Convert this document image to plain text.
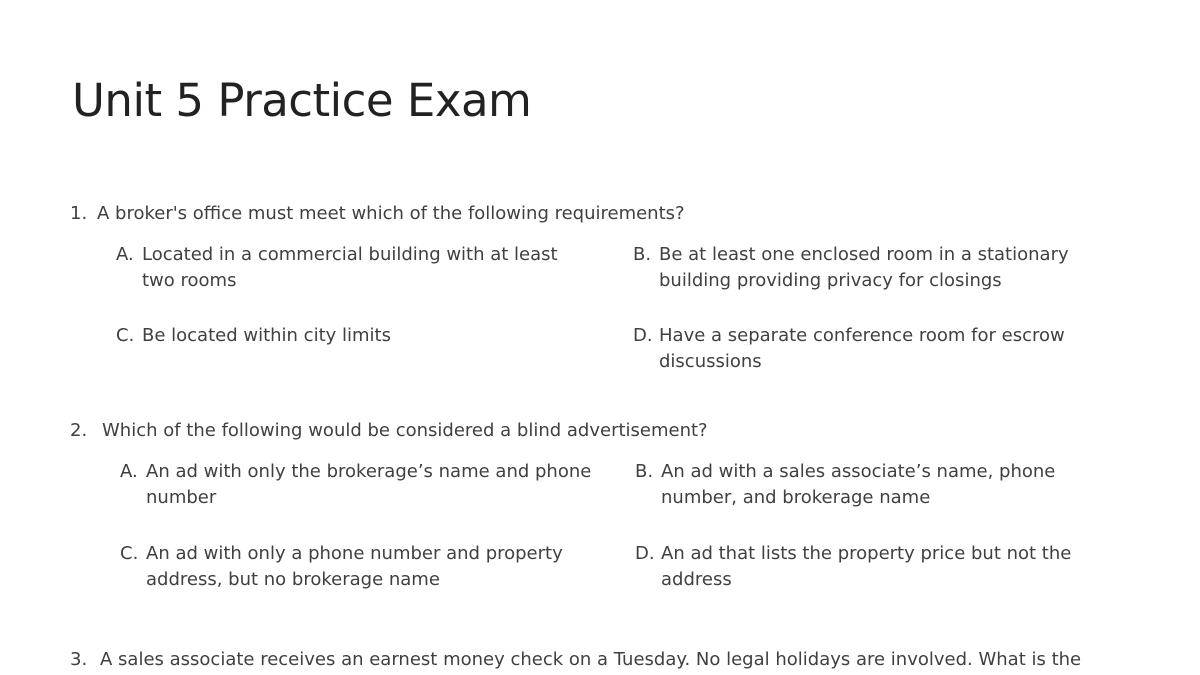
Unit 5 Practice Exam
1. A broker's office must meet which of the following requirements?
A. Located in a commercial building with at least two rooms
B. Be at least one enclosed room in a stationary building providing privacy for closings
C. Be located within city limits	D. Have a separate conference room for escrow discussions
2. Which of the following would be considered a blind advertisement?
A. An ad with only the brokerage’s name and phone number
B. An ad with a sales associate’s name, phone number, and brokerage name
C. An ad with only a phone number and property address, but no brokerage name
D. An ad that lists the property price but not the address
3. A sales associate receives an earnest money check on a Tuesday. No legal holidays are involved. What is the
